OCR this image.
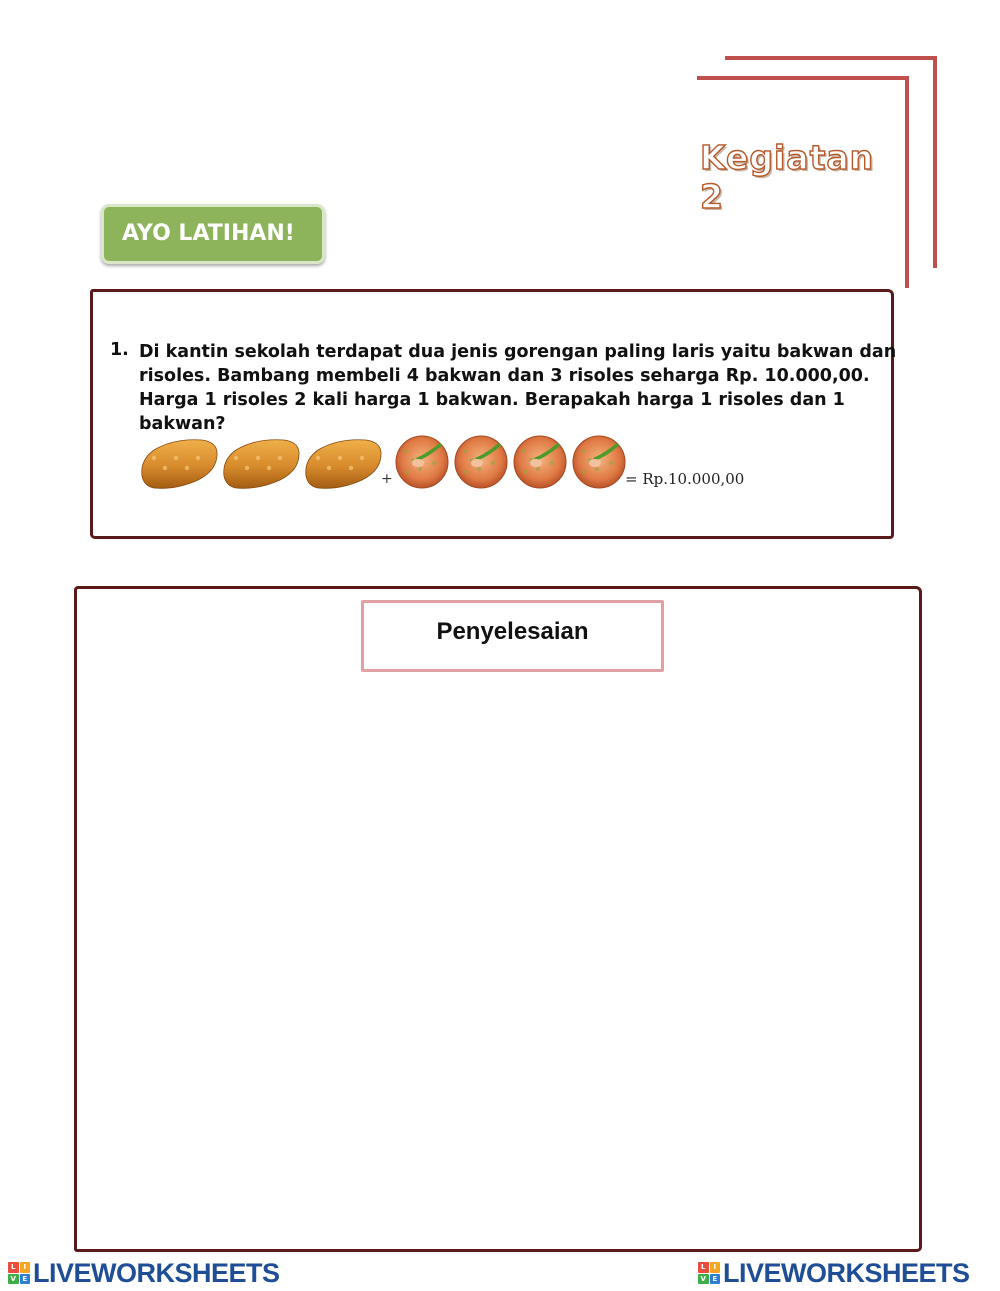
Kegiatan 2
AYO LATIHAN!
1. Di kantin sekolah terdapat dua jenis gorengan paling laris yaitu bakwan dan
risoles. Bambang membeli 4 bakwan dan 3 risoles seharga Rp. 10.000,00.
Harga 1 risoles 2 kali harga 1 bakwan. Berapakah harga 1 risoles dan 1
bakwan?

+	= Rp.10.000,00
Penyelesaian
L	I
V E LIVEWORKSHEETS	L	I
V E LIVEWORKSHEETS
